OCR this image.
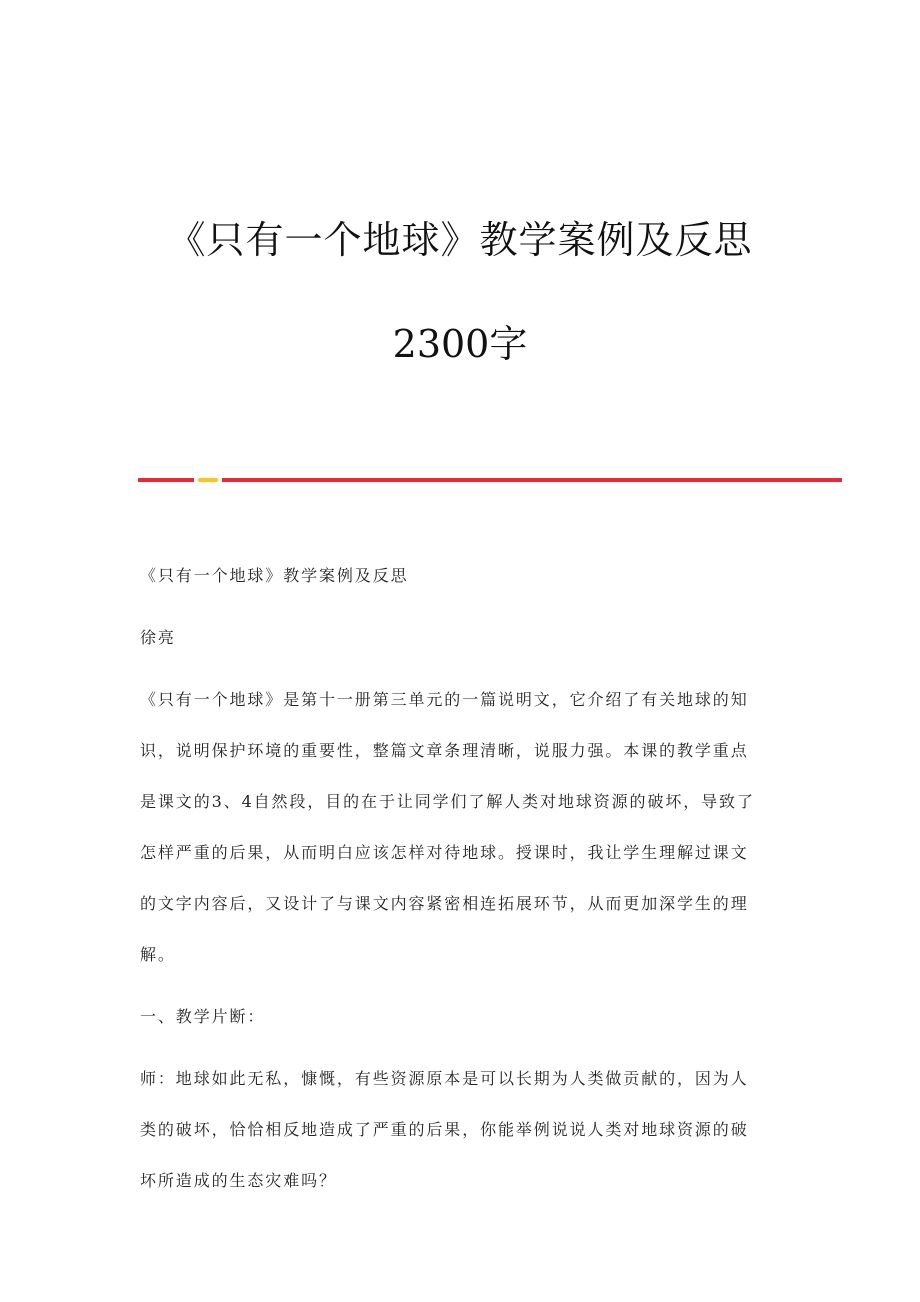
《只有一个地球》教学案例及反思
2300字

《只有一个地球》教学案例及反思

徐亮

《只有一个地球》是第十一册第三单元的一篇说明文，它介绍了有关地球的知

识，说明保护环境的重要性，整篇文章条理清晰，说服力强。本课的教学重点

是课文的3、4自然段，目的在于让同学们了解人类对地球资源的破坏，导致了

怎样严重的后果，从而明白应该怎样对待地球。授课时，我让学生理解过课文

的文字内容后，又设计了与课文内容紧密相连拓展环节，从而更加深学生的理

解。

一、教学片断：

师：地球如此无私，慷慨，有些资源原本是可以长期为人类做贡献的，因为人

类的破坏，恰恰相反地造成了严重的后果，你能举例说说人类对地球资源的破

坏所造成的生态灾难吗？
